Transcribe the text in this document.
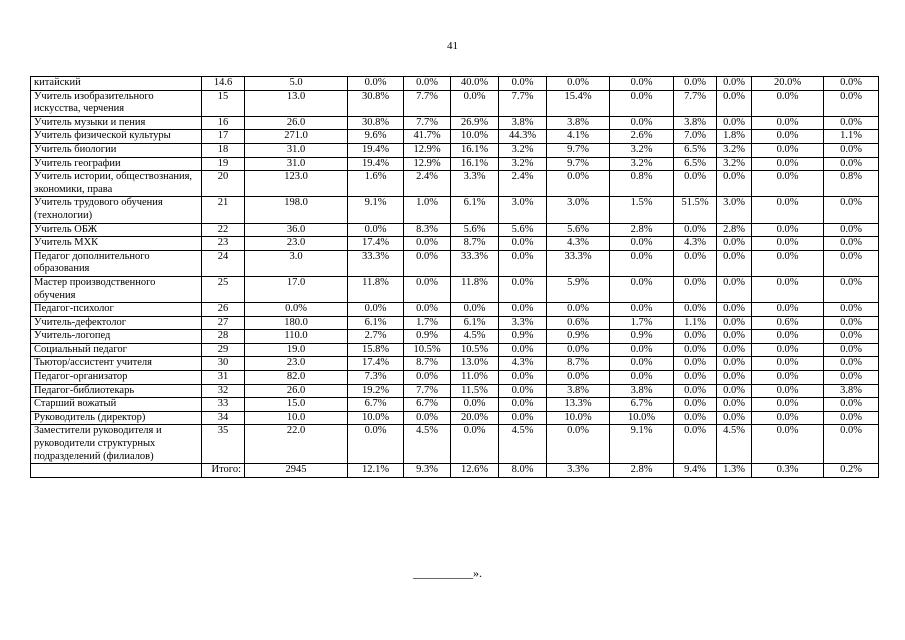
41
китайский	14.6	5.0	0.0%	0.0%	40.0%	0.0%	0.0%	0.0%	0.0%	0.0%	20.0%	0.0%
Учитель изобразительного искусства, черчения	15	13.0	30.8%	7.7%	0.0%	7.7%	15.4%	0.0%	7.7%	0.0%	0.0%	0.0%
Учитель музыки и пения	16	26.0	30.8%	7.7%	26.9%	3.8%	3.8%	0.0%	3.8%	0.0%	0.0%	0.0%
Учитель физической культуры	17	271.0	9.6%	41.7%	10.0%	44.3%	4.1%	2.6%	7.0%	1.8%	0.0%	1.1%
Учитель биологии	18	31.0	19.4%	12.9%	16.1%	3.2%	9.7%	3.2%	6.5%	3.2%	0.0%	0.0%
Учитель географии	19	31.0	19.4%	12.9%	16.1%	3.2%	9.7%	3.2%	6.5%	3.2%	0.0%	0.0%
Учитель истории, обществознания, экономики, права	20	123.0	1.6%	2.4%	3.3%	2.4%	0.0%	0.8%	0.0%	0.0%	0.0%	0.8%
Учитель трудового обучения (технологии)	21	198.0	9.1%	1.0%	6.1%	3.0%	3.0%	1.5%	51.5%	3.0%	0.0%	0.0%
Учитель ОБЖ	22	36.0	0.0%	8.3%	5.6%	5.6%	5.6%	2.8%	0.0%	2.8%	0.0%	0.0%
Учитель МХК	23	23.0	17.4%	0.0%	8.7%	0.0%	4.3%	0.0%	4.3%	0.0%	0.0%	0.0%
Педагог дополнительного образования	24	3.0	33.3%	0.0%	33.3%	0.0%	33.3%	0.0%	0.0%	0.0%	0.0%	0.0%
Мастер производственного обучения	25	17.0	11.8%	0.0%	11.8%	0.0%	5.9%	0.0%	0.0%	0.0%	0.0%	0.0%
Педагог-психолог	26	0.0%	0.0%	0.0%	0.0%	0.0%	0.0%	0.0%	0.0%	0.0%	0.0%	0.0%
Учитель-дефектолог	27	180.0	6.1%	1.7%	6.1%	3.3%	0.6%	1.7%	1.1%	0.0%	0.6%	0.0%
Учитель-логопед	28	110.0	2.7%	0.9%	4.5%	0.9%	0.9%	0.9%	0.0%	0.0%	0.0%	0.0%
Социальный педагог	29	19.0	15.8%	10.5%	10.5%	0.0%	0.0%	0.0%	0.0%	0.0%	0.0%	0.0%
Тьютор/ассистент учителя	30	23.0	17.4%	8.7%	13.0%	4.3%	8.7%	0.0%	0.0%	0.0%	0.0%	0.0%
Педагог-организатор	31	82.0	7.3%	0.0%	11.0%	0.0%	0.0%	0.0%	0.0%	0.0%	0.0%	0.0%
Педагог-библиотекарь	32	26.0	19.2%	7.7%	11.5%	0.0%	3.8%	3.8%	0.0%	0.0%	0.0%	3.8%
Старший вожатый	33	15.0	6.7%	6.7%	0.0%	0.0%	13.3%	6.7%	0.0%	0.0%	0.0%	0.0%
Руководитель (директор)	34	10.0	10.0%	0.0%	20.0%	0.0%	10.0%	10.0%	0.0%	0.0%	0.0%	0.0%
Заместители руководителя и руководители структурных подразделений (филиалов)	35	22.0	0.0%	4.5%	0.0%	4.5%	0.0%	9.1%	0.0%	4.5%	0.0%	0.0%
	Итого:	2945	12.1%	9.3%	12.6%	8.0%	3.3%	2.8%	9.4%	1.3%	0.3%	0.2%
__________».
